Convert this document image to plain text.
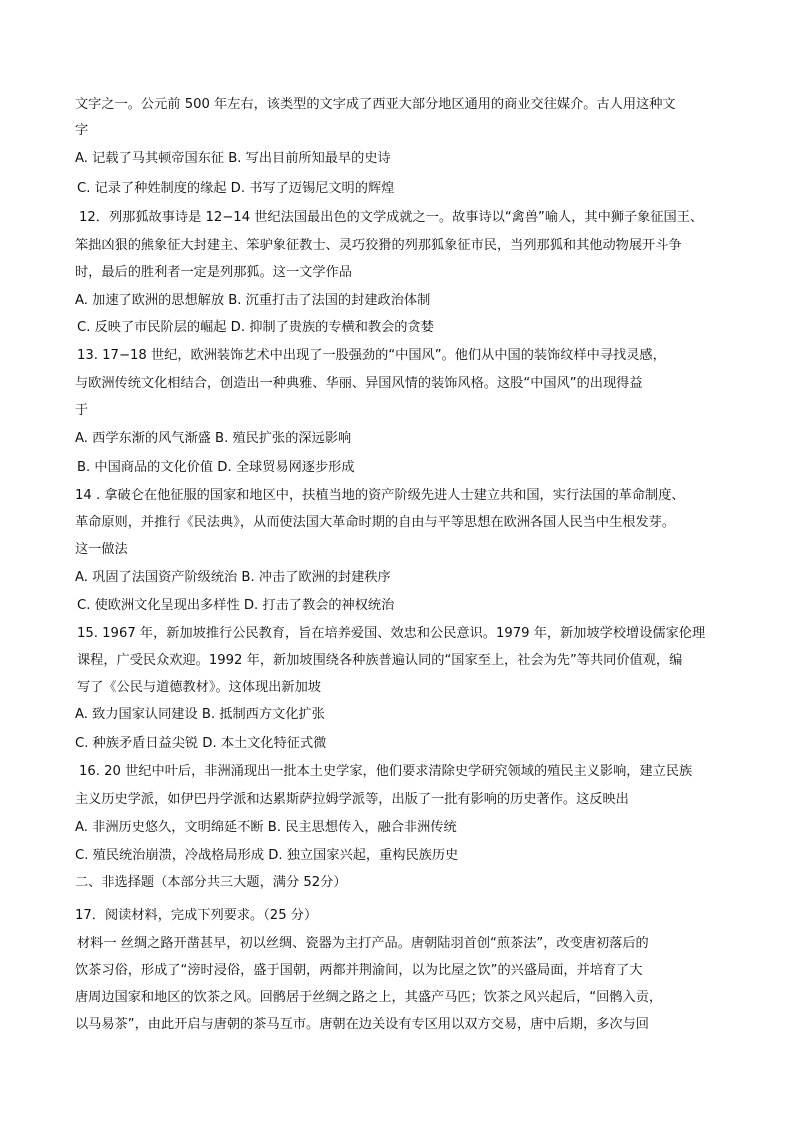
文字之一。公元前 500 年左右，该类型的文字成了西亚大部分地区通用的商业交往媒介。古人用这种文
字
A. 记载了马其顿帝国东征 B. 写出目前所知最早的史诗
C. 记录了种姓制度的缘起 D. 书写了迈锡尼文明的辉煌
12．列那狐故事诗是 12−14 世纪法国最出色的文学成就之一。故事诗以“禽兽”喻人，其中狮子象征国王、
笨拙凶狠的熊象征大封建主、笨驴象征教士、灵巧狡猾的列那狐象征市民，当列那狐和其他动物展开斗争
时，最后的胜利者一定是列那狐。这一文学作品
A. 加速了欧洲的思想解放 B. 沉重打击了法国的封建政治体制
C. 反映了市民阶层的崛起 D. 抑制了贵族的专横和教会的贪婪
13. 17−18 世纪，欧洲装饰艺术中出现了一股强劲的“中国风”。他们从中国的装饰纹样中寻找灵感，
与欧洲传统文化相结合，创造出一种典雅、华丽、异国风情的装饰风格。这股“中国风”的出现得益
于
A. 西学东渐的风气渐盛 B. 殖民扩张的深远影响
B. 中国商品的文化价值 D. 全球贸易网逐步形成
14 . 拿破仑在他征服的国家和地区中，扶植当地的资产阶级先进人士建立共和国，实行法国的革命制度、
革命原则，并推行《民法典》，从而使法国大革命时期的自由与平等思想在欧洲各国人民当中生根发芽。
这一做法
A. 巩固了法国资产阶级统治 B. 冲击了欧洲的封建秩序
C. 使欧洲文化呈现出多样性 D. 打击了教会的神权统治
15. 1967 年，新加坡推行公民教育，旨在培养爱国、效忠和公民意识。1979 年，新加坡学校增设儒家伦理
课程，广受民众欢迎。1992 年，新加坡围绕各种族普遍认同的“国家至上，社会为先”等共同价值观，编
写了《公民与道德教材》。这体现出新加坡
A. 致力国家认同建设 B. 抵制西方文化扩张
C. 种族矛盾日益尖锐 D. 本土文化特征式微
16. 20 世纪中叶后，非洲涌现出一批本土史学家，他们要求清除史学研究领域的殖民主义影响，建立民族
主义历史学派，如伊巴丹学派和达累斯萨拉姆学派等，出版了一批有影响的历史著作。这反映出
A. 非洲历史悠久，文明绵延不断 B. 民主思想传入，融合非洲传统
C. 殖民统治崩溃，冷战格局形成 D. 独立国家兴起，重构民族历史
二、非选择题（本部分共三大题，满分 52分）
17．阅读材料，完成下列要求。（25 分）
材料一 丝绸之路开凿甚早，初以丝绸、瓷器为主打产品。唐朝陆羽首创“煎茶法”，改变唐初落后的
饮茶习俗，形成了“滂时浸俗，盛于国朝，两都并荆渝间，以为比屋之饮”的兴盛局面，并培育了大
唐周边国家和地区的饮茶之风。回鹘居于丝绸之路之上，其盛产马匹；饮茶之风兴起后，“回鹘入贡，
以马易茶”，由此开启与唐朝的茶马互市。唐朝在边关设有专区用以双方交易，唐中后期，多次与回
